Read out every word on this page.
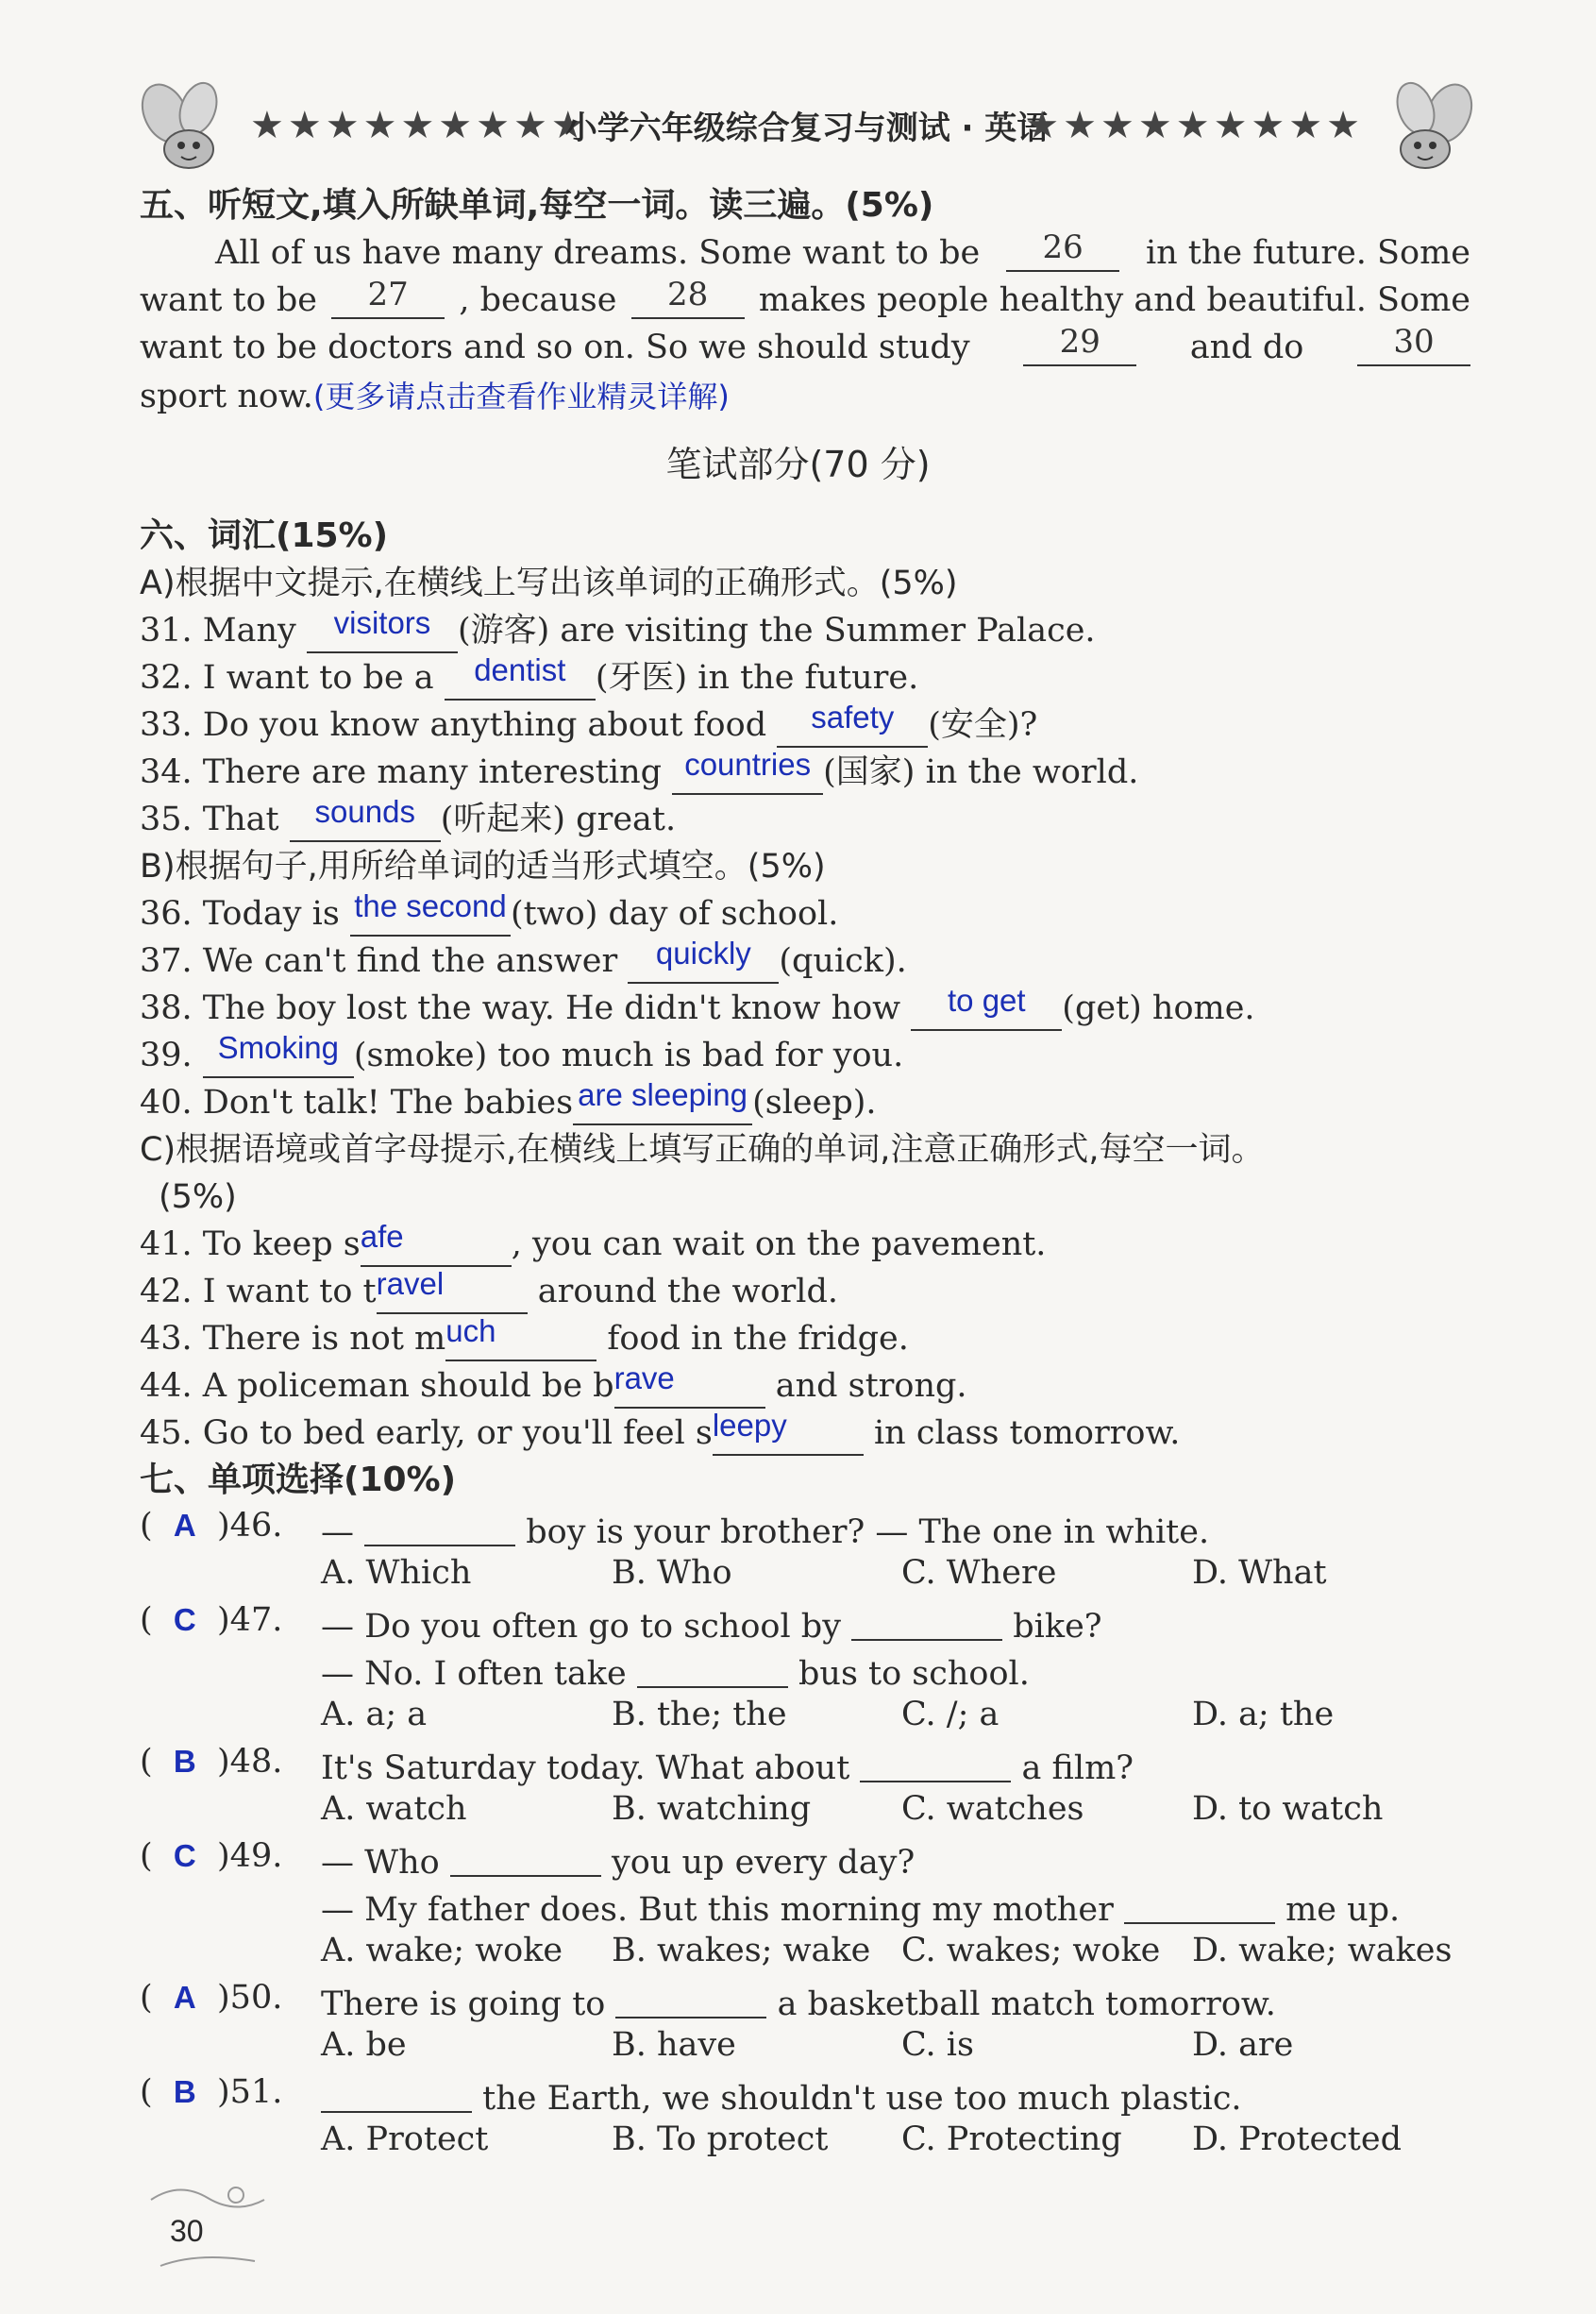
★★★★★★★★★
小学六年级综合复习与测试 · 英语
★★★★★★★★★
五、听短文,填入所缺单词,每空一词。读三遍。(5%)
All of us have many dreams. Some want to be	26	in the future. Some
want to be	27	, because	28	makes people healthy and beautiful. Some
want to be doctors and so on. So we should study	29	and do	30
sport now.(更多请点击查看作业精灵详解)
笔试部分(70 分)
六、词汇(15%)
A)根据中文提示,在横线上写出该单词的正确形式。(5%)
31. Many visitors (游客) are visiting the Summer Palace.
32. I want to be a dentist (牙医) in the future.
33. Do you know anything about food safety (安全)?
34. There are many interesting countries (国家) in the world.
35. That sounds (听起来) great.
B)根据句子,用所给单词的适当形式填空。(5%)
36. Today is the second (two) day of school.
37. We can't find the answer quickly (quick).
38. The boy lost the way. He didn't know how to get (get) home.
39. Smoking (smoke) too much is bad for you.
40. Don't talk! The babies are sleeping (sleep).
C)根据语境或首字母提示,在横线上填写正确的单词,注意正确形式,每空一词。
(5%)
41. To keep safe	, you can wait on the pavement.
42. I want to travel	around the world.
43. There is not much	food in the fridge.
44. A policeman should be brave	and strong.
45. Go to bed early, or you'll feel sleepy	in class tomorrow.
七、单项选择(10%)
(  A )46. —	boy is your brother? — The one in white.
A. Which	B. Who	C. Where	D. What
(  C )47. — Do you often go to school by	bike?
— No. I often take	bus to school.
A. a; a	B. the; the	C. /; a	D. a; the
(  B )48. It's Saturday today. What about	a film?
A. watch	B. watching	C. watches	D. to watch
(  C )49. — Who	you up every day?
— My father does. But this morning my mother	me up.
A. wake; woke B. wakes; wake C. wakes; woke D. wake; wakes
(  A )50. There is going to	a basketball match tomorrow.
A. be	B. have	C. is	D. are
(  B )51.	the Earth, we shouldn't use too much plastic.
A. Protect	B. To protect C. Protecting D. Protected
30
